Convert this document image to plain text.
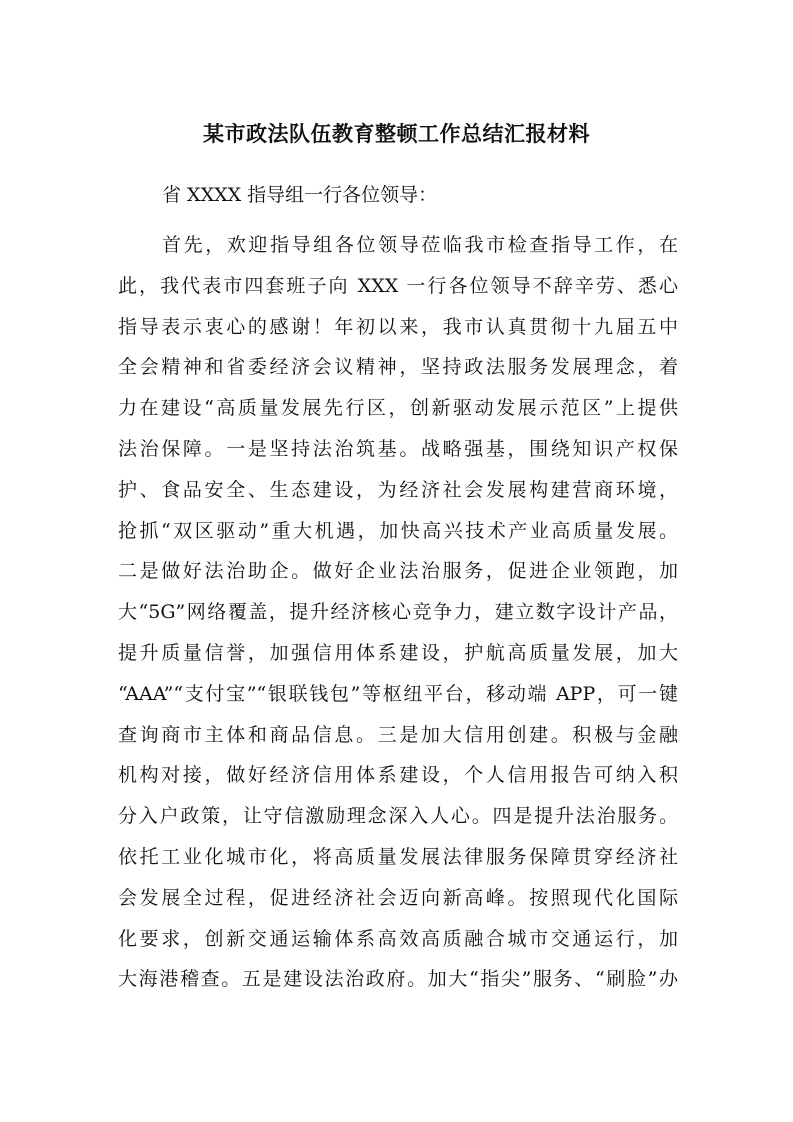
某市政法队伍教育整顿工作总结汇报材料
省 XXXX 指导组一行各位领导：
首先，欢迎指导组各位领导莅临我市检查指导工作，在
此，我代表市四套班子向 XXX 一行各位领导不辞辛劳、悉心
指导表示衷心的感谢！年初以来，我市认真贯彻十九届五中
全会精神和省委经济会议精神，坚持政法服务发展理念，着
力在建设“高质量发展先行区，创新驱动发展示范区”上提供
法治保障。一是坚持法治筑基。战略强基，围绕知识产权保
护、食品安全、生态建设，为经济社会发展构建营商环境，
抢抓“双区驱动”重大机遇，加快高兴技术产业高质量发展。
二是做好法治助企。做好企业法治服务，促进企业领跑，加
大“5G”网络覆盖，提升经济核心竞争力，建立数字设计产品，
提升质量信誉，加强信用体系建设，护航高质量发展，加大
“AAA”“支付宝”“银联钱包”等枢纽平台，移动端 APP，可一键
查询商市主体和商品信息。三是加大信用创建。积极与金融
机构对接，做好经济信用体系建设，个人信用报告可纳入积
分入户政策，让守信激励理念深入人心。四是提升法治服务。
依托工业化城市化，将高质量发展法律服务保障贯穿经济社
会发展全过程，促进经济社会迈向新高峰。按照现代化国际
化要求，创新交通运输体系高效高质融合城市交通运行，加
大海港稽查。五是建设法治政府。加大“指尖”服务、“刷脸”办
